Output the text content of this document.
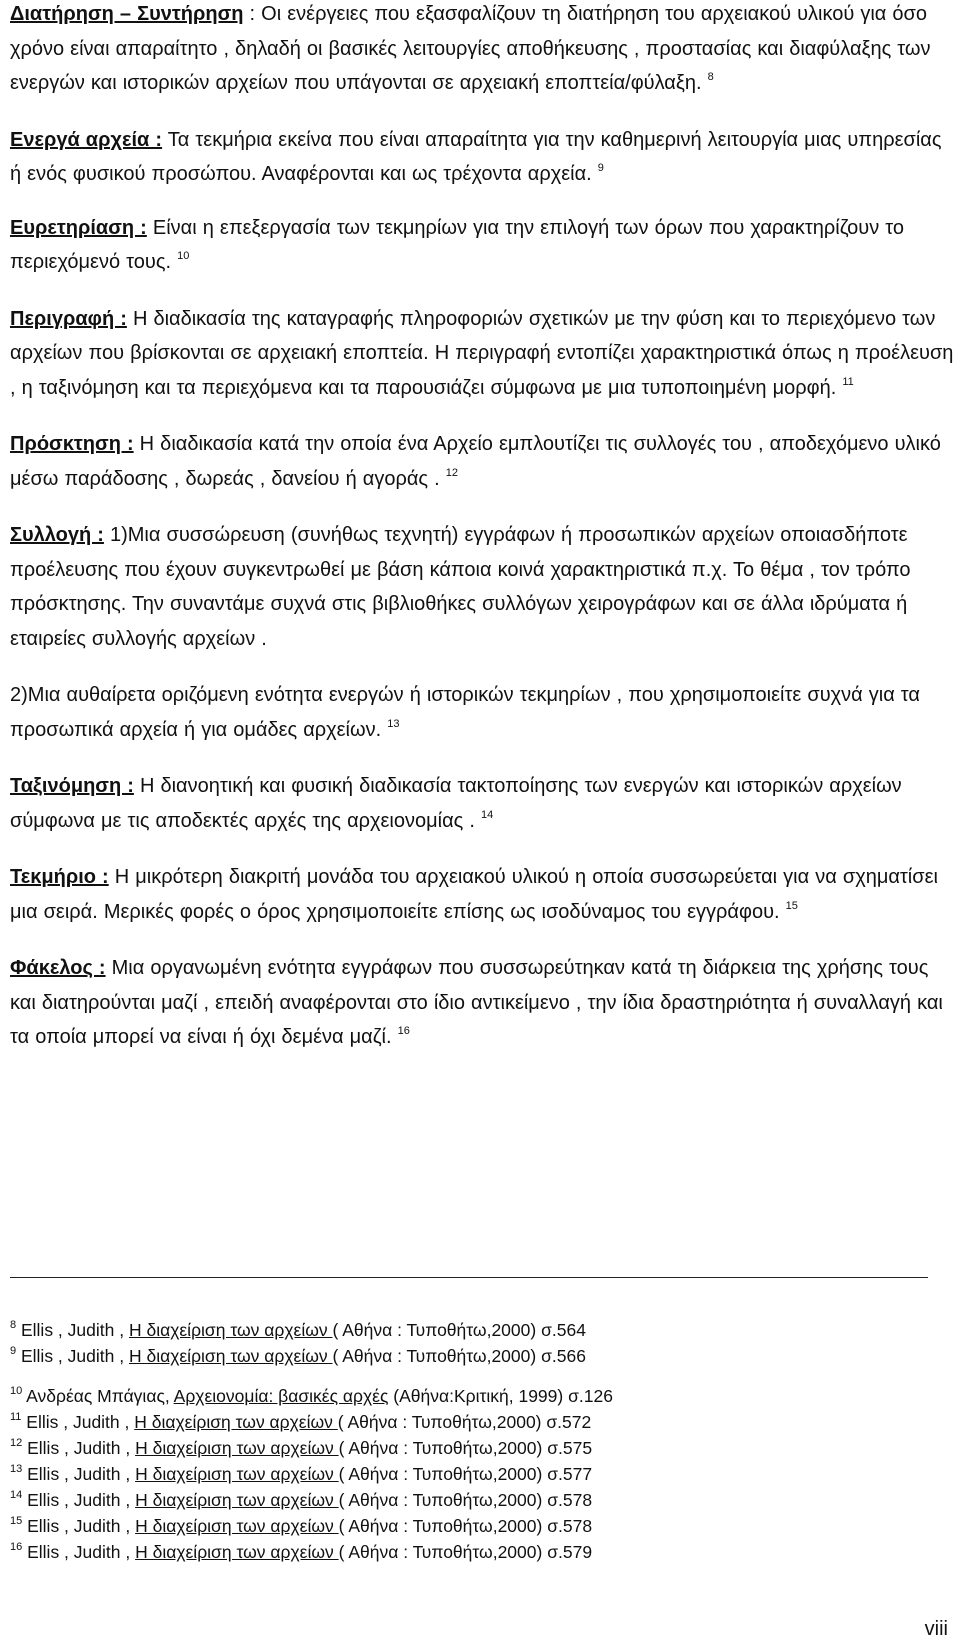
Διατήρηση – Συντήρηση : Οι ενέργειες που εξασφαλίζουν τη διατήρηση του αρχειακού υλικού για όσο χρόνο είναι απαραίτητο , δηλαδή οι βασικές λειτουργίες αποθήκευσης , προστασίας και διαφύλαξης των ενεργών και ιστορικών αρχείων που υπάγονται σε αρχειακή εποπτεία/φύλαξη. $^8$

Ενεργά αρχεία : Τα τεκμήρια εκείνα που είναι απαραίτητα για την καθημερινή λειτουργία μιας υπηρεσίας ή ενός φυσικού προσώπου. Αναφέρονται και ως τρέχοντα αρχεία. $^9$

Ευρετηρίαση : Είναι η επεξεργασία των τεκμηρίων για την επιλογή των όρων που χαρακτηρίζουν το περιεχόμενό τους. $^{10}$

Περιγραφή : Η διαδικασία της καταγραφής πληροφοριών σχετικών με την φύση και το περιεχόμενο των αρχείων που βρίσκονται σε αρχειακή εποπτεία. Η περιγραφή εντοπίζει χαρακτηριστικά όπως η προέλευση , η ταξινόμηση και τα περιεχόμενα και τα παρουσιάζει σύμφωνα με μια τυποποιημένη μορφή. $^{11}$

Πρόσκτηση : Η διαδικασία κατά την οποία ένα Αρχείο εμπλουτίζει τις συλλογές του , αποδεχόμενο υλικό μέσω παράδοσης , δωρεάς , δανείου ή αγοράς . $^{12}$

Συλλογή : 1)Μια συσσώρευση (συνήθως τεχνητή) εγγράφων ή προσωπικών αρχείων οποιασδήποτε προέλευσης που έχουν συγκεντρωθεί με βάση κάποια κοινά χαρακτηριστικά π.χ. Το θέμα , τον τρόπο πρόσκτησης. Την συναντάμε συχνά στις βιβλιοθήκες συλλόγων χειρογράφων και σε άλλα ιδρύματα ή εταιρείες συλλογής αρχείων .

2)Μια αυθαίρετα οριζόμενη ενότητα ενεργών ή ιστορικών τεκμηρίων , που χρησιμοποιείτε συχνά για τα προσωπικά αρχεία ή για ομάδες αρχείων. $^{13}$

Ταξινόμηση : Η διανοητική και φυσική διαδικασία τακτοποίησης των ενεργών και ιστορικών αρχείων σύμφωνα με τις αποδεκτές αρχές της αρχειονομίας . $^{14}$

Τεκμήριο : Η μικρότερη διακριτή μονάδα του αρχειακού υλικού η οποία συσσωρεύεται για να σχηματίσει μια σειρά. Μερικές φορές ο όρος χρησιμοποιείτε επίσης ως ισοδύναμος του εγγράφου. $^{15}$

Φάκελος : Μια οργανωμένη ενότητα εγγράφων που συσσωρεύτηκαν κατά τη διάρκεια της χρήσης τους και διατηρούνται μαζί , επειδή αναφέρονται στο ίδιο αντικείμενο , την ίδια δραστηριότητα ή συναλλαγή και τα οποία μπορεί να είναι ή όχι δεμένα μαζί. $^{16}$

$^8$ Ellis , Judith , Η διαχείριση των αρχείων ( Αθήνα : Τυποθήτω,2000) σ.564

$^9$ Ellis , Judith , Η διαχείριση των αρχείων ( Αθήνα : Τυποθήτω,2000) σ.566

$^{10}$ Ανδρέας Μπάγιας, Αρχειονομία: βασικές αρχές (Αθήνα:Κριτική, 1999) σ.126

$^{11}$ Ellis , Judith , Η διαχείριση των αρχείων ( Αθήνα : Τυποθήτω,2000) σ.572

$^{12}$ Ellis , Judith , Η διαχείριση των αρχείων ( Αθήνα : Τυποθήτω,2000) σ.575

$^{13}$ Ellis , Judith , Η διαχείριση των αρχείων ( Αθήνα : Τυποθήτω,2000) σ.577

$^{14}$ Ellis , Judith , Η διαχείριση των αρχείων ( Αθήνα : Τυποθήτω,2000) σ.578

$^{15}$ Ellis , Judith , Η διαχείριση των αρχείων ( Αθήνα : Τυποθήτω,2000) σ.578

$^{16}$ Ellis , Judith , Η διαχείριση των αρχείων ( Αθήνα : Τυποθήτω,2000) σ.579

viii
